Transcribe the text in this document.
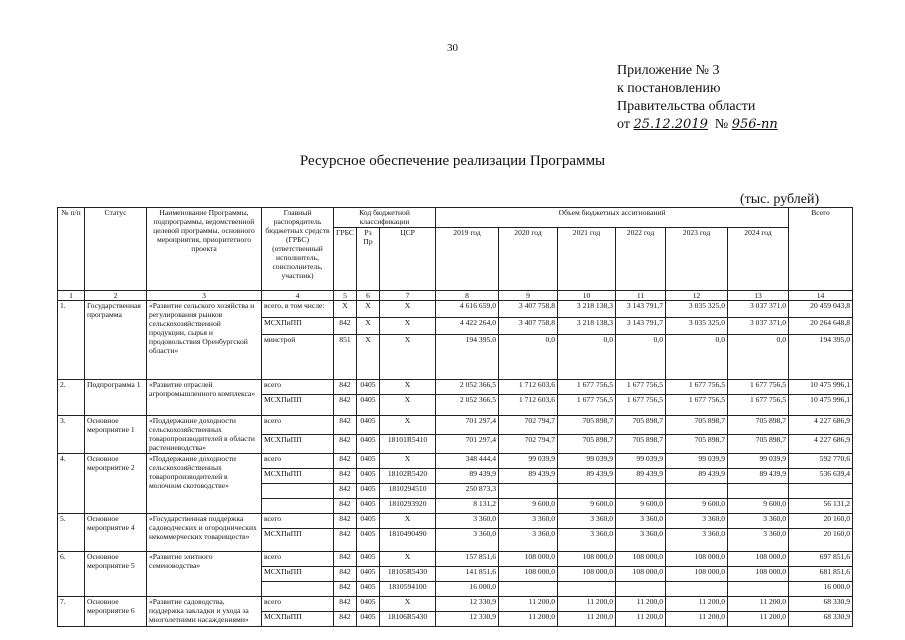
30
Приложение № 3
к постановлению
Правительства области
от 25.12.2019 № 956-пп
Ресурсное обеспечение реализации Программы
(тыс. рублей)
№ п/п	Статус	Наименование Программы, подпрограммы, ведомственной целевой программы, основного мероприятия, приоритетного проекта	Главный распорядитель бюджетных средств (ГРБС) (ответственный исполнитель, соисполнитель, участник)	Код бюджетной классификации			Объем бюджетных ассигнований						Всего
				ГРБС	Рз Пр	ЦСР	2019 год	2020 год	2021 год	2022 год	2023 год	2024 год	
1	2	3	4	5	6	7	8	9	10	11	12	13	14
1.	Государственная программа	«Развитие сельского хозяйства и регулирования рынков сельскохозяйственной продукции, сырья и продовольствия Оренбургской области»	всего, в том числе:	X	X	X	4 616 659,0	3 407 758,8	3 218 138,3	3 143 791,7	3 035 325,0	3 037 371,0	20 459 043,8
			МСХПиПП	842	X	X	4 422 264,0	3 407 758,8	3 218 138,3	3 143 791,7	3 035 325,0	3 037 371,0	20 264 648,8
			минстрой	851	X	X	194 395,0	0,0	0,0	0,0	0,0	0,0	194 395,0
2.	Подпрограмма 1	«Развитие отраслей агропромышленного комплекса»	всего	842	0405	X	2 052 366,5	1 712 603,6	1 677 756,5	1 677 756,5	1 677 756,5	1 677 756,5	10 475 996,1
			МСХПиПП	842	0405	X	2 052 366,5	1 712 603,6	1 677 756,5	1 677 756,5	1 677 756,5	1 677 756,5	10 475 996,1
3.	Основное мероприятие 1	«Поддержание доходности сельскохозяйственных товаропроизводителей в области растениеводства»	всего	842	0405	X	701 297,4	702 794,7	705 898,7	705 898,7	705 898,7	705 898,7	4 227 686,9
			МСХПиПП	842	0405	18101R5410	701 297,4	702 794,7	705 898,7	705 898,7	705 898,7	705 898,7	4 227 686,9
4.	Основное мероприятие 2	«Поддержание доходности сельскохозяйственных товаропроизводителей в молочном скотоводстве»	всего	842	0405	X	348 444,4	99 039,9	99 039,9	99 039,9	99 039,9	99 039,9	592 770,6
			МСХПиПП	842	0405	18102R5420	89 439,9	89 439,9	89 439,9	89 439,9	89 439,9	89 439,9	536 639,4
				842	0405	1810294510	250 873,3						
				842	0405	1810293920	8 131,2	9 600,0	9 600,0	9 600,0	9 600,0	9 600,0	56 131,2
5.	Основное мероприятие 4	«Государственная поддержка садоводческих и огороднических некоммерческих товариществ»	всего	842	0405	X	3 360,0	3 360,0	3 360,0	3 360,0	3 360,0	3 360,0	20 160,0
			МСХПиПП	842	0405	1810490490	3 360,0	3 360,0	3 360,0	3 360,0	3 360,0	3 360,0	20 160,0
6.	Основное мероприятие 5	«Развитие элитного семеноводства»	всего	842	0405	X	157 851,6	108 000,0	108 000,0	108 000,0	108 000,0	108 000,0	697 851,6
			МСХПиПП	842	0405	18105R5430	141 851,6	108 000,0	108 000,0	108 000,0	108 000,0	108 000,0	681 851,6
				842	0405	1810594100	16 000,0						16 000,0
7.	Основное мероприятие 6	«Развитие садоводства, поддержка закладки и ухода за многолетними насаждениями»	всего	842	0405	X	12 330,9	11 200,0	11 200,0	11 200,0	11 200,0	11 200,0	68 330,9
			МСХПиПП	842	0405	18106R5430	12 330,9	11 200,0	11 200,0	11 200,0	11 200,0	11 200,0	68 330,9
